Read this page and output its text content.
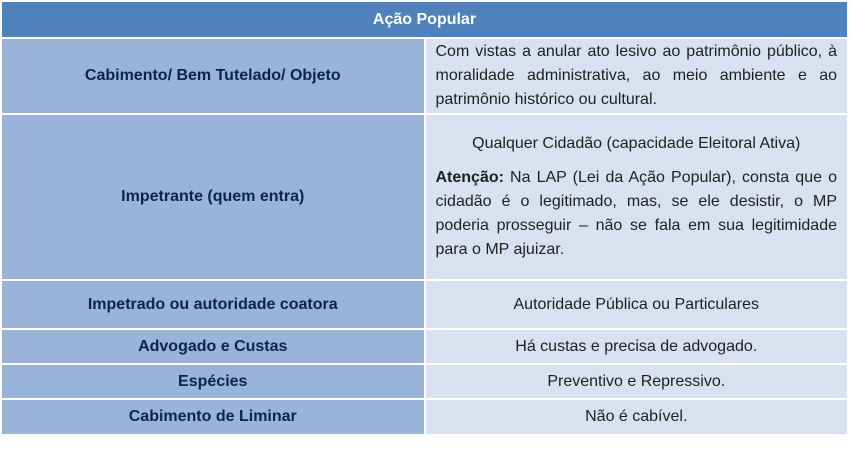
Ação Popular	
Cabimento/ Bem Tutelado/ Objeto	Com vistas a anular ato lesivo ao patrimônio público, à moralidade administrativa, ao meio ambiente e ao patrimônio histórico ou cultural.
Impetrante (quem entra)	Qualquer Cidadão (capacidade Eleitoral Ativa)

Atenção: Na LAP (Lei da Ação Popular), consta que o cidadão é o legitimado, mas, se ele desistir, o MP poderia prosseguir – não se fala em sua legitimidade para o MP ajuizar.

Impetrado ou autoridade coatora	Autoridade Pública ou Particulares
Advogado e Custas	Há custas e precisa de advogado.
Espécies	Preventivo e Repressivo.
Cabimento de Liminar	Não é cabível.
